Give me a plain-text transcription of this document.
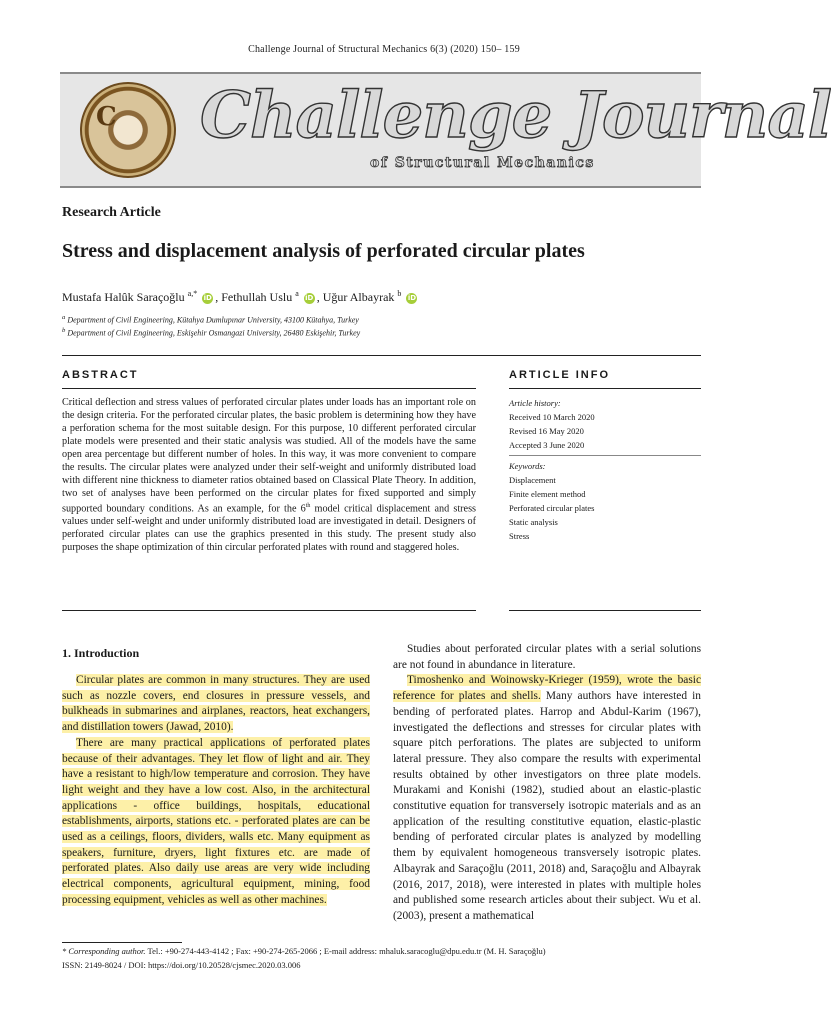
Challenge Journal of Structural Mechanics 6(3) (2020) 150– 159
C Challenge Journal
of Structural Mechanics
Research Article
Stress and displacement analysis of perforated circular plates
Mustafa Halûk Saraçoğlu $^{a,*}$ iD , Fethullah Uslu $^a$ iD , Uğur Albayrak $^b$ iD
$^a$ Department of Civil Engineering, Kütahya Dumlupınar University, 43100 Kütahya, Turkey
$^b$ Department of Civil Engineering, Eskişehir Osmangazi University, 26480 Eskişehir, Turkey
ABSTRACT	ARTICLE INFO
Critical deflection and stress values of perforated circular plates under loads has an important role on the design criteria. For the perforated circular plates, the basic problem is determining how they have a perforation schema for the most suitable design. For this purpose, 10 different perforated circular plate models were presented and their static analysis was studied. All of the models have the same open area percentage but different number of holes. In this way, it was more convenient to compare the results. The circular plates were analyzed under their self-weight and uniformly distributed load with different nine thickness to diameter ratios obtained based on Classical Plate Theory. In addition, two set of analyses have been performed on the circular plates for fixed supported and simply supported boundary conditions. As an example, for the 6th model critical displacement and stress values under self-weight and under uniformly distributed load are investigated in detail. Designers of perforated circular plates can use the graphics presented in this study. The present study also purposes the shape optimization of thin circular perforated plates with round and staggered holes.
Article history:
Received 10 March 2020
Revised 16 May 2020
Accepted 3 June 2020
Keywords:
Displacement
Finite element method
Perforated circular plates
Static analysis
Stress
1. Introduction

Circular plates are common in many structures. They are used such as nozzle covers, end closures in pressure vessels, and bulkheads in submarines and airplanes, reactors, heat exchangers, and distillation towers (Jawad, 2010).

There are many practical applications of perforated plates because of their advantages. They let flow of light and air. They have a resistant to high/low temperature and corrosion. They have light weight and they have a low cost. Also, in the architectural applications - office buildings, hospitals, educational establishments, airports, stations etc. - perforated plates are can be used as a ceilings, floors, dividers, walls etc. Many equipment as speakers, furniture, dryers, light fixtures etc. are made of perforated plates. Also daily use areas are very wide including electrical components, agricultural equipment, mining, food processing equipment, vehicles as well as other machines.

Studies about perforated circular plates with a serial solutions are not found in abundance in literature.

Timoshenko and Woinowsky-Krieger (1959), wrote the basic reference for plates and shells. Many authors have interested in bending of perforated plates. Harrop and Abdul-Karim (1967), investigated the deflections and stresses for circular plates with square pitch perforations. The plates are subjected to uniform lateral pressure. They also compare the results with experimental results obtained by other investigators on three plate models. Murakami and Konishi (1982), studied about an elastic-plastic constitutive equation for transversely isotropic materials and as an application of the resulting constitutive equation, elastic-plastic bending of perforated circular plates is analyzed by modelling them by equivalent homogeneous transversely isotropic plates. Albayrak and Saraçoğlu (2011, 2018) and, Saraçoğlu and Albayrak (2016, 2017, 2018), were interested in plates with multiple holes and published some research articles about their subject. Wu et al. (2003), present a mathematical

* Corresponding author. Tel.: +90-274-443-4142 ; Fax: +90-274-265-2066 ; E-mail address: mhaluk.saracoglu@dpu.edu.tr (M. H. Saraçoğlu)
ISSN: 2149-8024 / DOI: https://doi.org/10.20528/cjsmec.2020.03.006
